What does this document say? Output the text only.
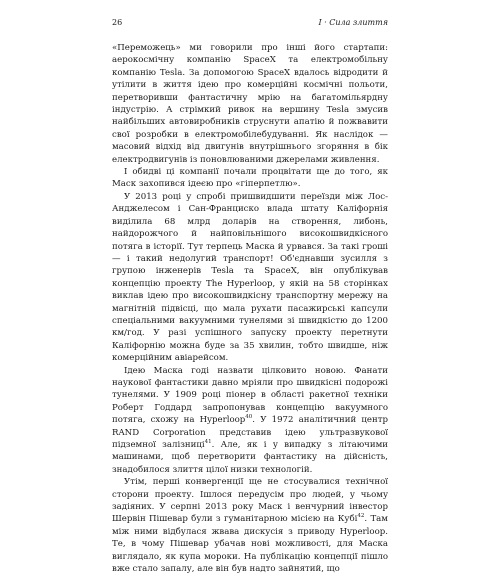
26	І · Сила злиття

«Переможець» ми говорили про інші його стартапи: аерокосмічну компанію SpaceX та електромобільну компанію Tesla. За допомогою SpaceX вдалось відродити й утілити в життя ідею про комерційні космічні польоти, перетворивши фантастичну мрію на багатомільярдну індустрію. А стрімкий ривок на вершину Tesla змусив найбільших автовиробників струснути апатію й пожвавити свої розробки в електромобілебудуванні. Як наслідок — масовий відхід від двигунів внутрішнього згоряння в бік електродвигунів із поновлюваними джерелами живлення.

І обидві ці компанії почали процвітати ще до того, як Маск захопився ідеєю про «гіперпетлю».

У 2013 році у спробі пришвидшити переїзди між Лос-Анджелесом і Сан-Франциско влада штату Каліфорнія виділила 68 млрд доларів на створення, либонь, найдорожчого й найповільнішого високошвидкісного потяга в історії. Тут терпець Маска й урвався. За такі гроші — і такий недолугий транспорт! Об'єднавши зусилля з групою інженерів Tesla та SpaceX, він опублікував концепцію проекту The Hyperloop, у якій на 58 сторінках виклав ідею про високошвидкісну транспортну мережу на магнітній підвісці, що мала рухати пасажирські капсули спеціальними вакуумними тунелями зі швидкістю до 1200 км/год. У разі успішного запуску проекту перетнути Каліфорнію можна буде за 35 хвилин, тобто швидше, ніж комерційним авіарейсом.

Ідею Маска годі назвати цілковито новою. Фанати наукової фантастики давно мріяли про швидкісні подорожі тунелями. У 1909 році піонер в області ракетної техніки Роберт Годдард запропонував концепцію вакуумного потяга, схожу на Hyperloop$^{40}$. У 1972 аналітичний центр RAND Corporation представив ідею ультразвукової підземної залізниці$^{41}$. Але, як і у випадку з літаючими машинами, щоб перетворити фантастику на дійсність, знадобилося злиття цілої низки технологій.

Утім, перші конвергенції ще не стосувалися технічної сторони проекту. Ішлося передусім про людей, у чьому задіяних. У серпні 2013 року Маск і венчурний інвестор Шервін Пішевар були з гуманітарною місією на Кубі$^{42}$. Там між ними відбулася жвава дискусія з приводу Hyperloop. Те, в чому Пішевар убачав нові можливості, для Маска виглядало, як купа мороки. На публікацію концепції пішло вже стало запалу, але він був надто зайнятий, що
